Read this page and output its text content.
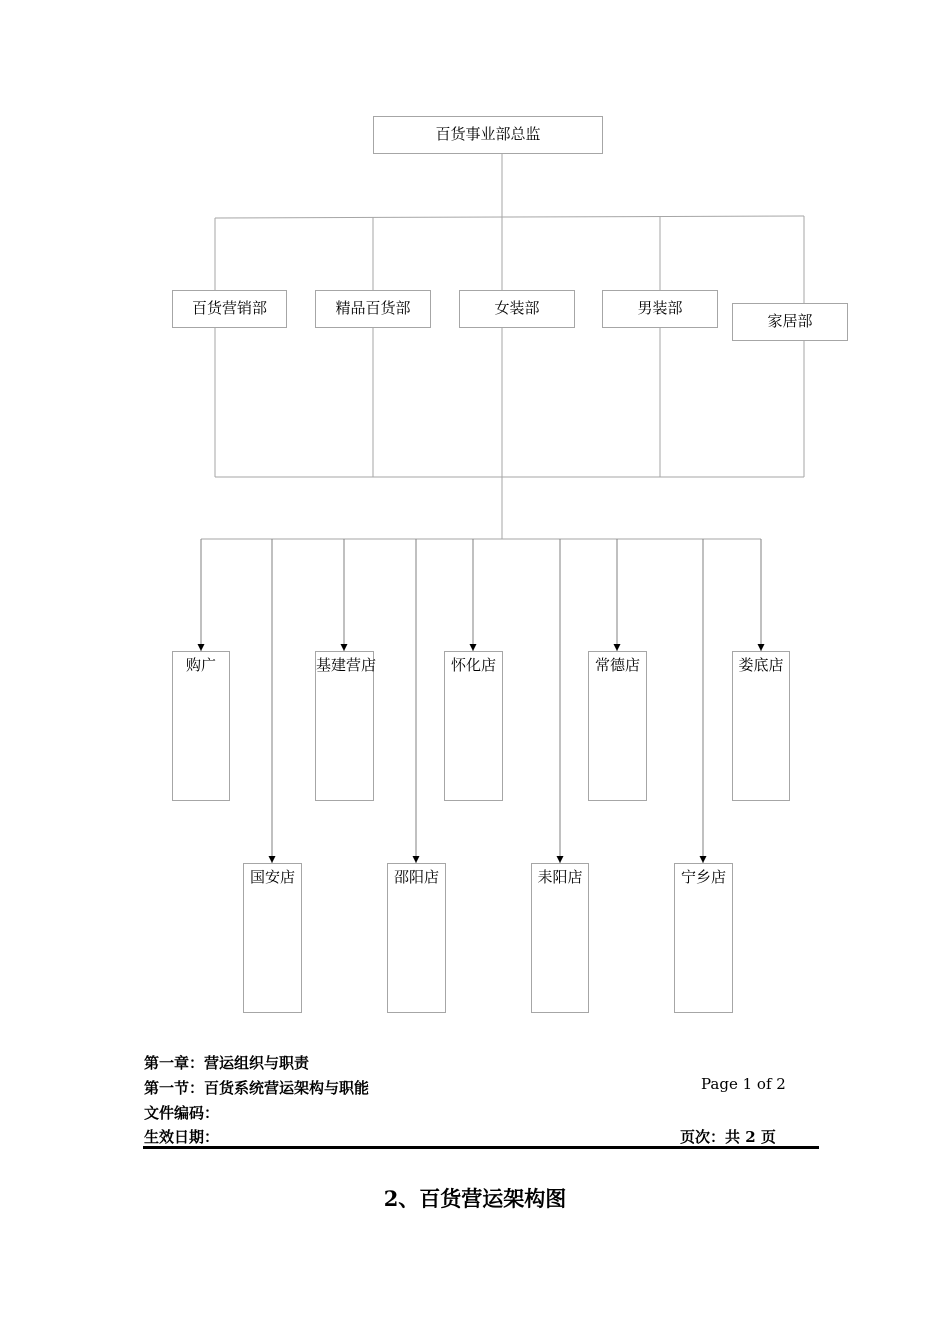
百货事业部总监
百货营销部	精品百货部	女装部	男装部
家居部
购广	基建营店	怀化店	常德店	娄底店
国安店	邵阳店	耒阳店	宁乡店
第一章：营运组织与职责
第一节：百货系统营运架构与职能
文件编码：
生效日期：
Page 1 of 2
页次：共 2 页
2、百货营运架构图
